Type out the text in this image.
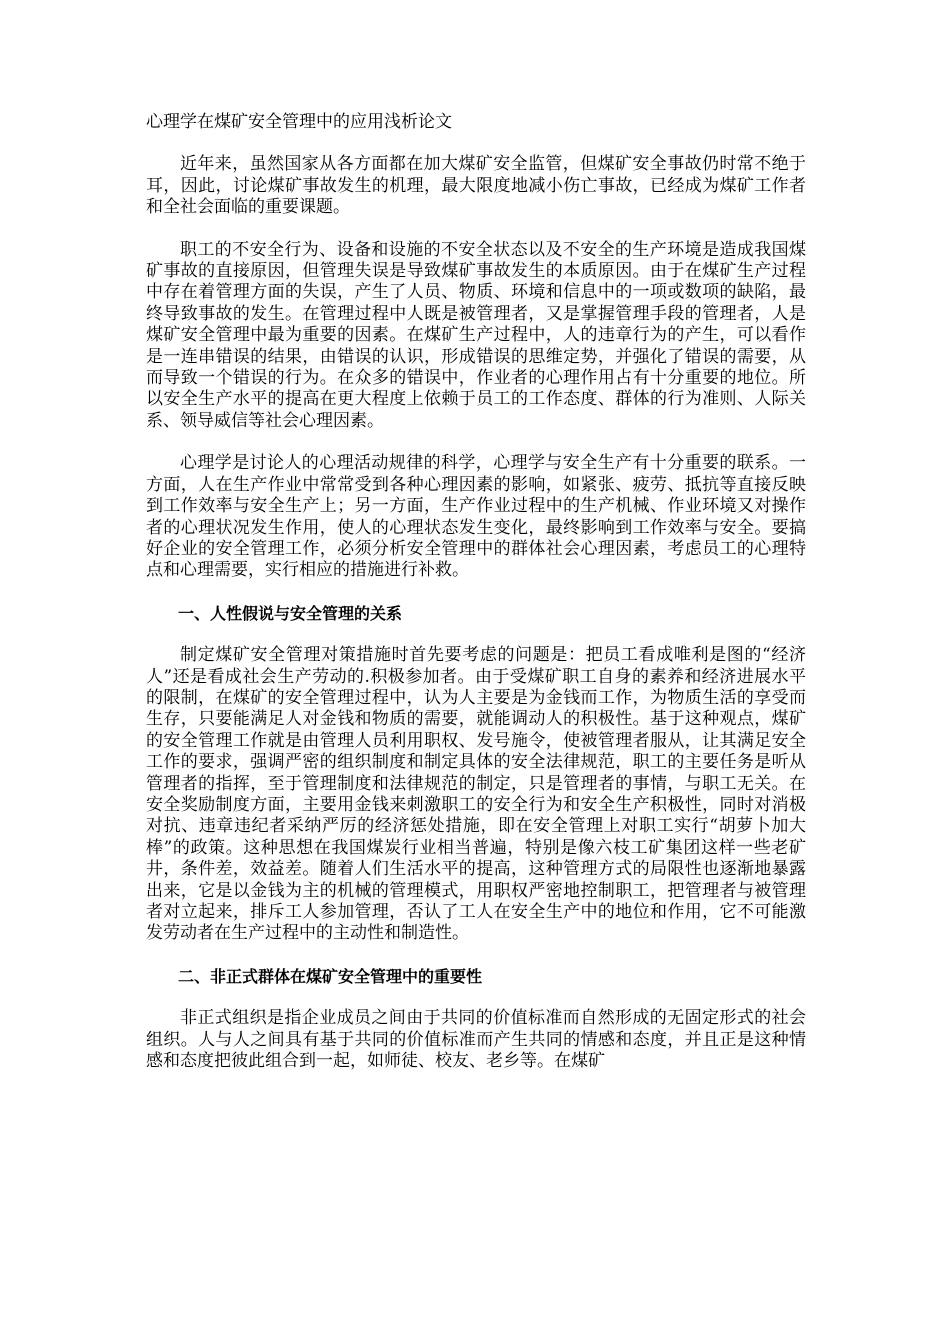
心理学在煤矿安全管理中的应用浅析论文

近年来，虽然国家从各方面都在加大煤矿安全监管，但煤矿安全事故仍时常不绝于耳，因此，讨论煤矿事故发生的机理，最大限度地减小伤亡事故，已经成为煤矿工作者和全社会面临的重要课题。

职工的不安全行为、设备和设施的不安全状态以及不安全的生产环境是造成我国煤矿事故的直接原因，但管理失误是导致煤矿事故发生的本质原因。由于在煤矿生产过程中存在着管理方面的失误，产生了人员、物质、环境和信息中的一项或数项的缺陷，最终导致事故的发生。在管理过程中人既是被管理者，又是掌握管理手段的管理者，人是煤矿安全管理中最为重要的因素。在煤矿生产过程中，人的违章行为的产生，可以看作是一连串错误的结果，由错误的认识，形成错误的思维定势，并强化了错误的需要，从而导致一个错误的行为。在众多的错误中，作业者的心理作用占有十分重要的地位。所以安全生产水平的提高在更大程度上依赖于员工的工作态度、群体的行为准则、人际关系、领导威信等社会心理因素。

心理学是讨论人的心理活动规律的科学，心理学与安全生产有十分重要的联系。一方面，人在生产作业中常常受到各种心理因素的影响，如紧张、疲劳、抵抗等直接反映到工作效率与安全生产上；另一方面，生产作业过程中的生产机械、作业环境又对操作者的心理状况发生作用，使人的心理状态发生变化，最终影响到工作效率与安全。要搞好企业的安全管理工作，必须分析安全管理中的群体社会心理因素，考虑员工的心理特点和心理需要，实行相应的措施进行补救。

一、人性假说与安全管理的关系

制定煤矿安全管理对策措施时首先要考虑的问题是：把员工看成唯利是图的“经济人”还是看成社会生产劳动的.积极参加者。由于受煤矿职工自身的素养和经济进展水平的限制，在煤矿的安全管理过程中，认为人主要是为金钱而工作，为物质生活的享受而生存，只要能满足人对金钱和物质的需要，就能调动人的积极性。基于这种观点，煤矿的安全管理工作就是由管理人员利用职权、发号施令，使被管理者服从，让其满足安全工作的要求，强调严密的组织制度和制定具体的安全法律规范，职工的主要任务是听从管理者的指挥，至于管理制度和法律规范的制定，只是管理者的事情，与职工无关。在安全奖励制度方面，主要用金钱来刺激职工的安全行为和安全生产积极性，同时对消极对抗、违章违纪者采纳严厉的经济惩处措施，即在安全管理上对职工实行“胡萝卜加大棒”的政策。这种思想在我国煤炭行业相当普遍，特别是像六枝工矿集团这样一些老矿井，条件差，效益差。随着人们生活水平的提高，这种管理方式的局限性也逐渐地暴露出来，它是以金钱为主的机械的管理模式，用职权严密地控制职工，把管理者与被管理者对立起来，排斥工人参加管理，否认了工人在安全生产中的地位和作用，它不可能激发劳动者在生产过程中的主动性和制造性。

二、非正式群体在煤矿安全管理中的重要性

非正式组织是指企业成员之间由于共同的价值标准而自然形成的无固定形式的社会组织。人与人之间具有基于共同的价值标准而产生共同的情感和态度，并且正是这种情感和态度把彼此组合到一起，如师徒、校友、老乡等。在煤矿
